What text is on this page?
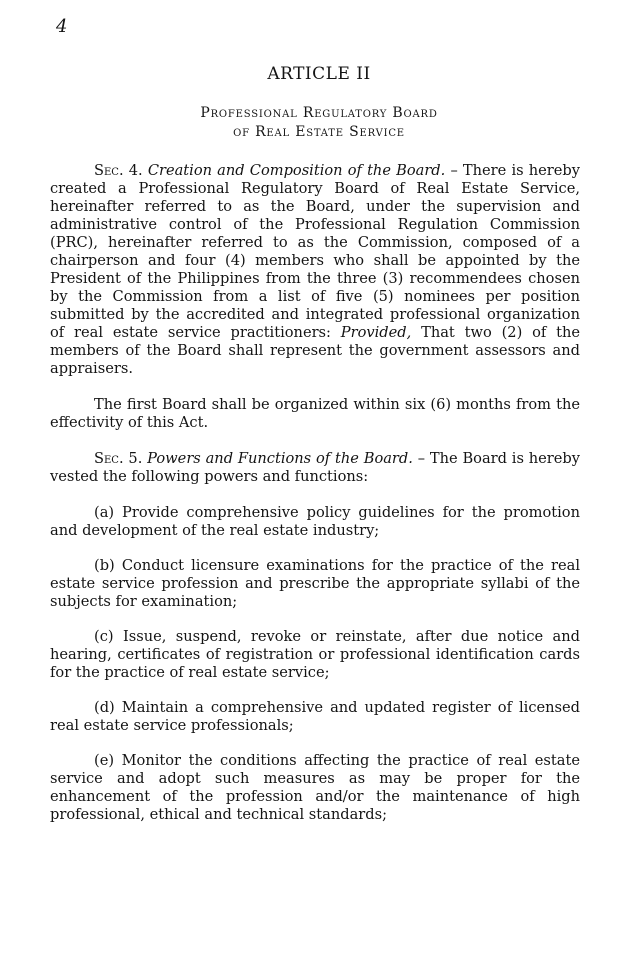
4
ARTICLE II
Professional Regulatory Board
of Real Estate Service

Sec. 4. Creation and Composition of the Board. – There is hereby created a Professional Regulatory Board of Real Estate Service, hereinafter referred to as the Board, under the supervision and administrative control of the Professional Regulation Commission (PRC), hereinafter referred to as the Commission, composed of a chairperson and four (4) members who shall be appointed by the President of the Philippines from the three (3) recommendees chosen by the Commission from a list of five (5) nominees per position submitted by the accredited and integrated professional organization of real estate service practitioners: Provided, That two (2) of the members of the Board shall represent the government assessors and appraisers.

The first Board shall be organized within six (6) months from the effectivity of this Act.

Sec. 5. Powers and Functions of the Board. – The Board is hereby vested the following powers and functions:

(a) Provide comprehensive policy guidelines for the promotion and development of the real estate industry;

(b) Conduct licensure examinations for the practice of the real estate service profession and prescribe the appropriate syllabi of the subjects for examination;

(c) Issue, suspend, revoke or reinstate, after due notice and hearing, certificates of registration or professional identification cards for the practice of real estate service;

(d) Maintain a comprehensive and updated register of licensed real estate service professionals;

(e) Monitor the conditions affecting the practice of real estate service and adopt such measures as may be proper for the enhancement of the profession and/or the maintenance of high professional, ethical and technical standards;
